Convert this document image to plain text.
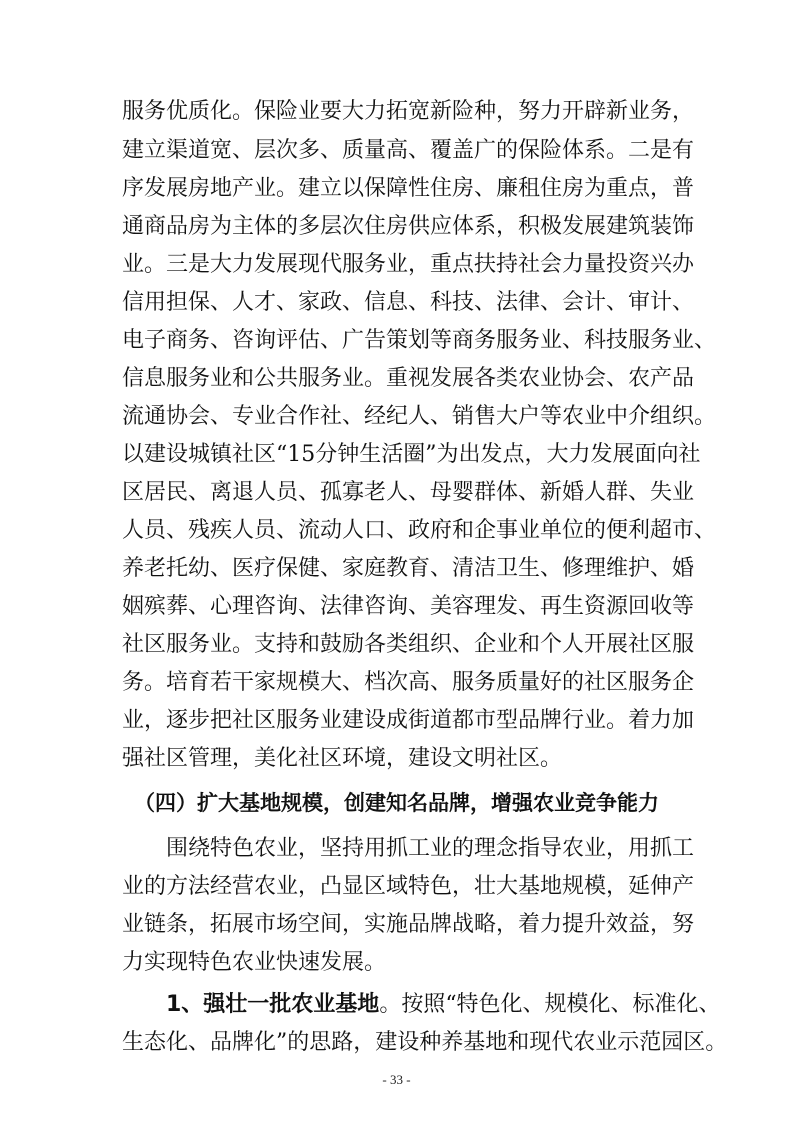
服务优质化。保险业要大力拓宽新险种，努力开辟新业务，
建立渠道宽、层次多、质量高、覆盖广的保险体系。二是有
序发展房地产业。建立以保障性住房、廉租住房为重点，普
通商品房为主体的多层次住房供应体系，积极发展建筑装饰
业。三是大力发展现代服务业，重点扶持社会力量投资兴办
信用担保、人才、家政、信息、科技、法律、会计、审计、
电子商务、咨询评估、广告策划等商务服务业、科技服务业、
信息服务业和公共服务业。重视发展各类农业协会、农产品
流通协会、专业合作社、经纪人、销售大户等农业中介组织。
以建设城镇社区“15分钟生活圈”为出发点，大力发展面向社
区居民、离退人员、孤寡老人、母婴群体、新婚人群、失业
人员、残疾人员、流动人口、政府和企事业单位的便利超市、
养老托幼、医疗保健、家庭教育、清洁卫生、修理维护、婚
姻殡葬、心理咨询、法律咨询、美容理发、再生资源回收等
社区服务业。支持和鼓励各类组织、企业和个人开展社区服
务。培育若干家规模大、档次高、服务质量好的社区服务企
业，逐步把社区服务业建设成街道都市型品牌行业。着力加
强社区管理，美化社区环境，建设文明社区。
（四）扩大基地规模，创建知名品牌，增强农业竞争能力
围绕特色农业，坚持用抓工业的理念指导农业，用抓工
业的方法经营农业，凸显区域特色，壮大基地规模，延伸产
业链条，拓展市场空间，实施品牌战略，着力提升效益，努
力实现特色农业快速发展。
1、强壮一批农业基地。按照“特色化、规模化、标准化、
生态化、品牌化”的思路，建设种养基地和现代农业示范园区。
- 33 -
